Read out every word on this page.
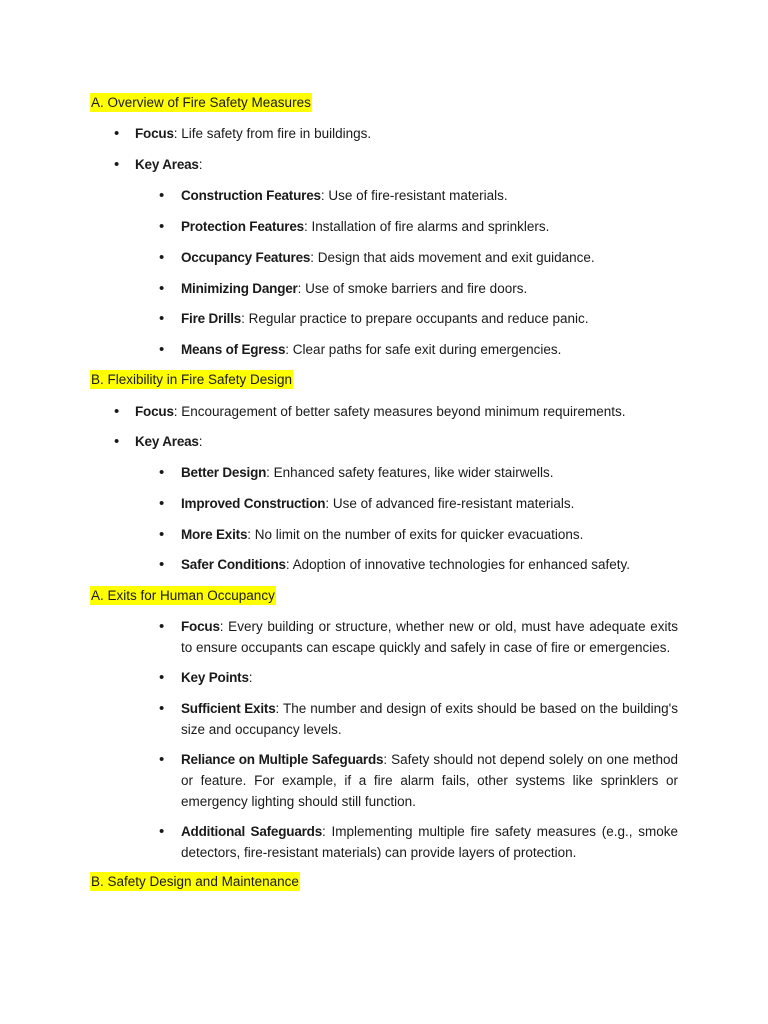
A. Overview of Fire Safety Measures
• Focus: Life safety from fire in buildings.
• Key Areas:
• Construction Features: Use of fire-resistant materials.
• Protection Features: Installation of fire alarms and sprinklers.
• Occupancy Features: Design that aids movement and exit guidance.
• Minimizing Danger: Use of smoke barriers and fire doors.
• Fire Drills: Regular practice to prepare occupants and reduce panic.
• Means of Egress: Clear paths for safe exit during emergencies.
B. Flexibility in Fire Safety Design
• Focus: Encouragement of better safety measures beyond minimum requirements.
• Key Areas:
• Better Design: Enhanced safety features, like wider stairwells.
• Improved Construction: Use of advanced fire-resistant materials.
• More Exits: No limit on the number of exits for quicker evacuations.
• Safer Conditions: Adoption of innovative technologies for enhanced safety.
A. Exits for Human Occupancy
• Focus: Every building or structure, whether new or old, must have adequate exits to ensure occupants can escape quickly and safely in case of fire or emergencies.
• Key Points:
• Sufficient Exits: The number and design of exits should be based on the building's size and occupancy levels.
• Reliance on Multiple Safeguards: Safety should not depend solely on one method or feature. For example, if a fire alarm fails, other systems like sprinklers or emergency lighting should still function.
• Additional Safeguards: Implementing multiple fire safety measures (e.g., smoke detectors, fire-resistant materials) can provide layers of protection.
B. Safety Design and Maintenance
